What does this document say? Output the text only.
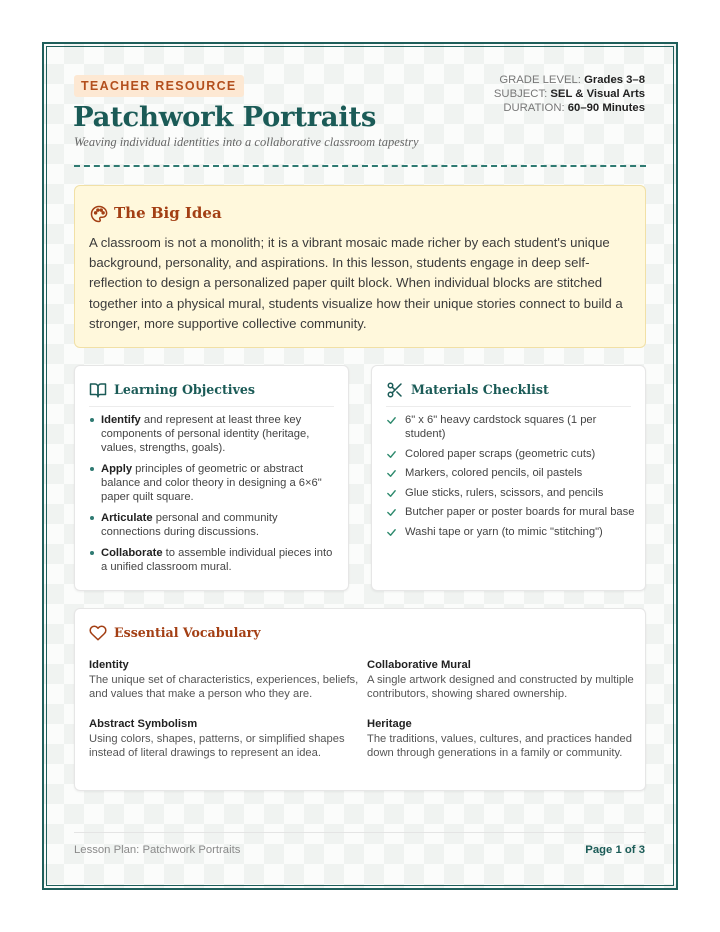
TEACHER RESOURCE
Patchwork Portraits
Weaving individual identities into a collaborative classroom tapestry
GRADE LEVEL: Grades 3–8
SUBJECT: SEL & Visual Arts
DURATION: 60–90 Minutes
The Big Idea

A classroom is not a monolith; it is a vibrant mosaic made richer by each student's unique background, personality, and aspirations. In this lesson, students engage in deep self-reflection to design a personalized paper quilt block. When individual blocks are stitched together into a physical mural, students visualize how their unique stories connect to build a stronger, more supportive collective community.

Learning Objectives
Identify and represent at least three key components of personal identity (heritage, values, strengths, goals).
Apply principles of geometric or abstract balance and color theory in designing a 6×6" paper quilt square.
Articulate personal and community connections during discussions.
Collaborate to assemble individual pieces into a unified classroom mural.
Materials Checklist
6" x 6" heavy cardstock squares (1 per student)
Colored paper scraps (geometric cuts)
Markers, colored pencils, oil pastels
Glue sticks, rulers, scissors, and pencils
Butcher paper or poster boards for mural base
Washi tape or yarn (to mimic "stitching")
Essential Vocabulary
Identity
The unique set of characteristics, experiences, beliefs, and values that make a person who they are.
Collaborative Mural
A single artwork designed and constructed by multiple contributors, showing shared ownership.
Abstract Symbolism
Using colors, shapes, patterns, or simplified shapes instead of literal drawings to represent an idea.
Heritage
The traditions, values, cultures, and practices handed down through generations in a family or community.
Lesson Plan: Patchwork Portraits	Page 1 of 3
